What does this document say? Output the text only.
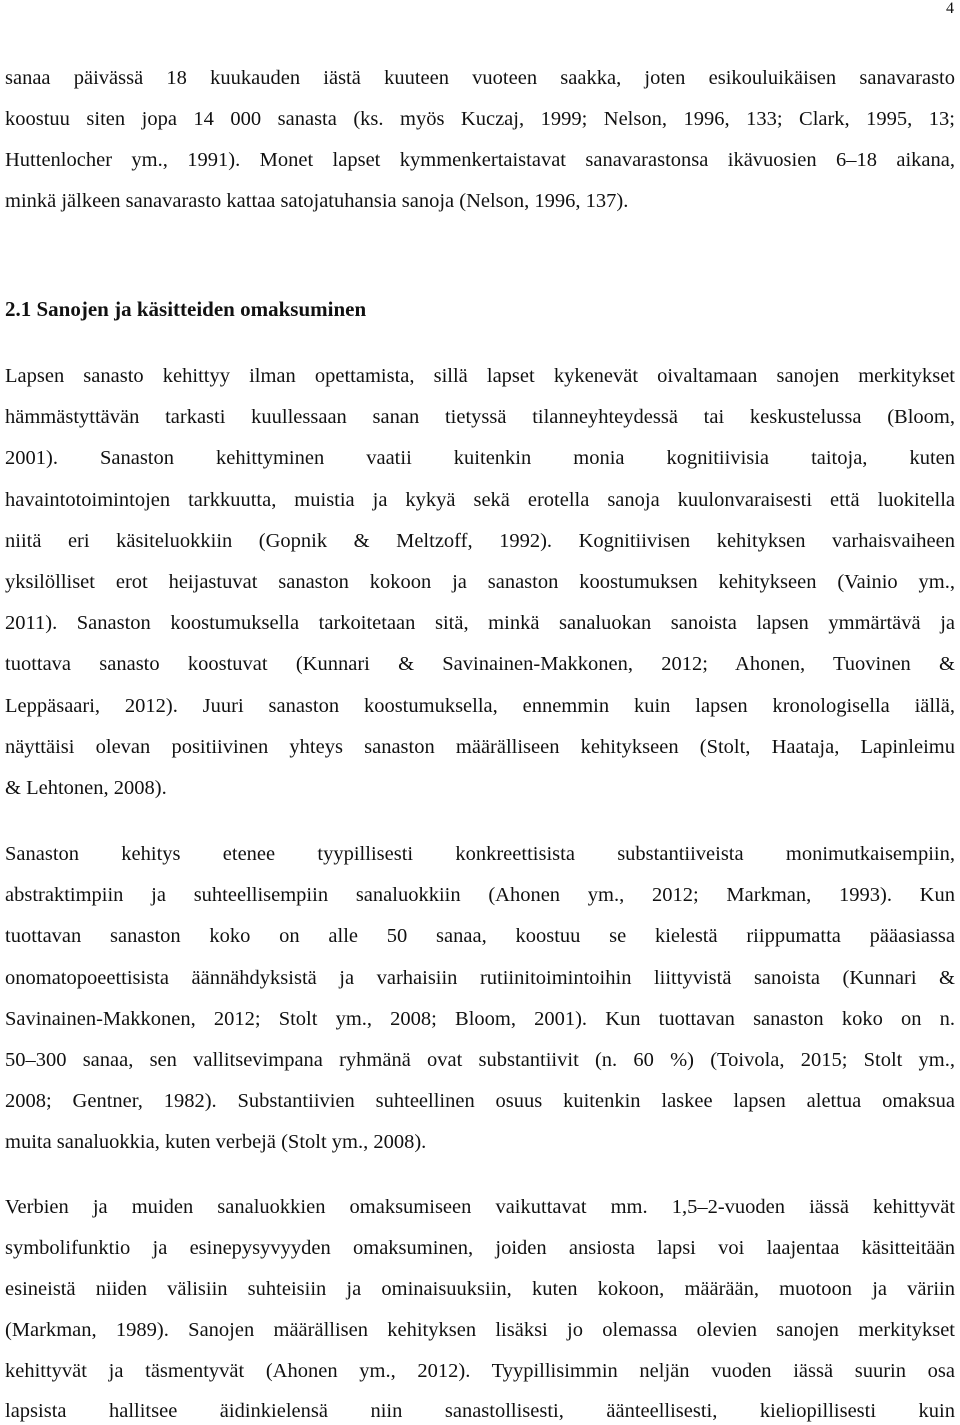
4
sanaa päivässä 18 kuukauden iästä kuuteen vuoteen saakka, joten esikouluikäisen sanavarasto
koostuu siten jopa 14 000 sanasta (ks. myös Kuczaj, 1999; Nelson, 1996, 133; Clark, 1995, 13;
Huttenlocher ym., 1991). Monet lapset kymmenkertaistavat sanavarastonsa ikävuosien 6–18 aikana,
minkä jälkeen sanavarasto kattaa satojatuhansia sanoja (Nelson, 1996, 137).
2.1 Sanojen ja käsitteiden omaksuminen
Lapsen sanasto kehittyy ilman opettamista, sillä lapset kykenevät oivaltamaan sanojen merkitykset
hämmästyttävän tarkasti kuullessaan sanan tietyssä tilanneyhteydessä tai keskustelussa (Bloom,
2001). Sanaston kehittyminen vaatii kuitenkin monia kognitiivisia taitoja, kuten
havaintotoimintojen tarkkuutta, muistia ja kykyä sekä erotella sanoja kuulonvaraisesti että luokitella
niitä eri käsiteluokkiin (Gopnik & Meltzoff, 1992). Kognitiivisen kehityksen varhaisvaiheen
yksilölliset erot heijastuvat sanaston kokoon ja sanaston koostumuksen kehitykseen (Vainio ym.,
2011). Sanaston koostumuksella tarkoitetaan sitä, minkä sanaluokan sanoista lapsen ymmärtävä ja
tuottava sanasto koostuvat (Kunnari & Savinainen-Makkonen, 2012; Ahonen, Tuovinen &
Leppäsaari, 2012). Juuri sanaston koostumuksella, ennemmin kuin lapsen kronologisella iällä,
näyttäisi olevan positiivinen yhteys sanaston määrälliseen kehitykseen (Stolt, Haataja, Lapinleimu
& Lehtonen, 2008).
Sanaston kehitys etenee tyypillisesti konkreettisista substantiiveista monimutkaisempiin,
abstraktimpiin ja suhteellisempiin sanaluokkiin (Ahonen ym., 2012; Markman, 1993). Kun
tuottavan sanaston koko on alle 50 sanaa, koostuu se kielestä riippumatta pääasiassa
onomatopoeettisista äännähdyksistä ja varhaisiin rutiinitoimintoihin liittyvistä sanoista (Kunnari &
Savinainen-Makkonen, 2012; Stolt ym., 2008; Bloom, 2001). Kun tuottavan sanaston koko on n.
50–300 sanaa, sen vallitsevimpana ryhmänä ovat substantiivit (n. 60 %) (Toivola, 2015; Stolt ym.,
2008; Gentner, 1982). Substantiivien suhteellinen osuus kuitenkin laskee lapsen alettua omaksua
muita sanaluokkia, kuten verbejä (Stolt ym., 2008).
Verbien ja muiden sanaluokkien omaksumiseen vaikuttavat mm. 1,5–2-vuoden iässä kehittyvät
symbolifunktio ja esinepysyvyyden omaksuminen, joiden ansiosta lapsi voi laajentaa käsitteitään
esineistä niiden välisiin suhteisiin ja ominaisuuksiin, kuten kokoon, määrään, muotoon ja väriin
(Markman, 1989). Sanojen määrällisen kehityksen lisäksi jo olemassa olevien sanojen merkitykset
kehittyvät ja täsmentyvät (Ahonen ym., 2012). Tyypillisimmin neljän vuoden iässä suurin osa
lapsista hallitsee äidinkielensä niin sanastollisesti, äänteellisesti, kieliopillisesti kuin
